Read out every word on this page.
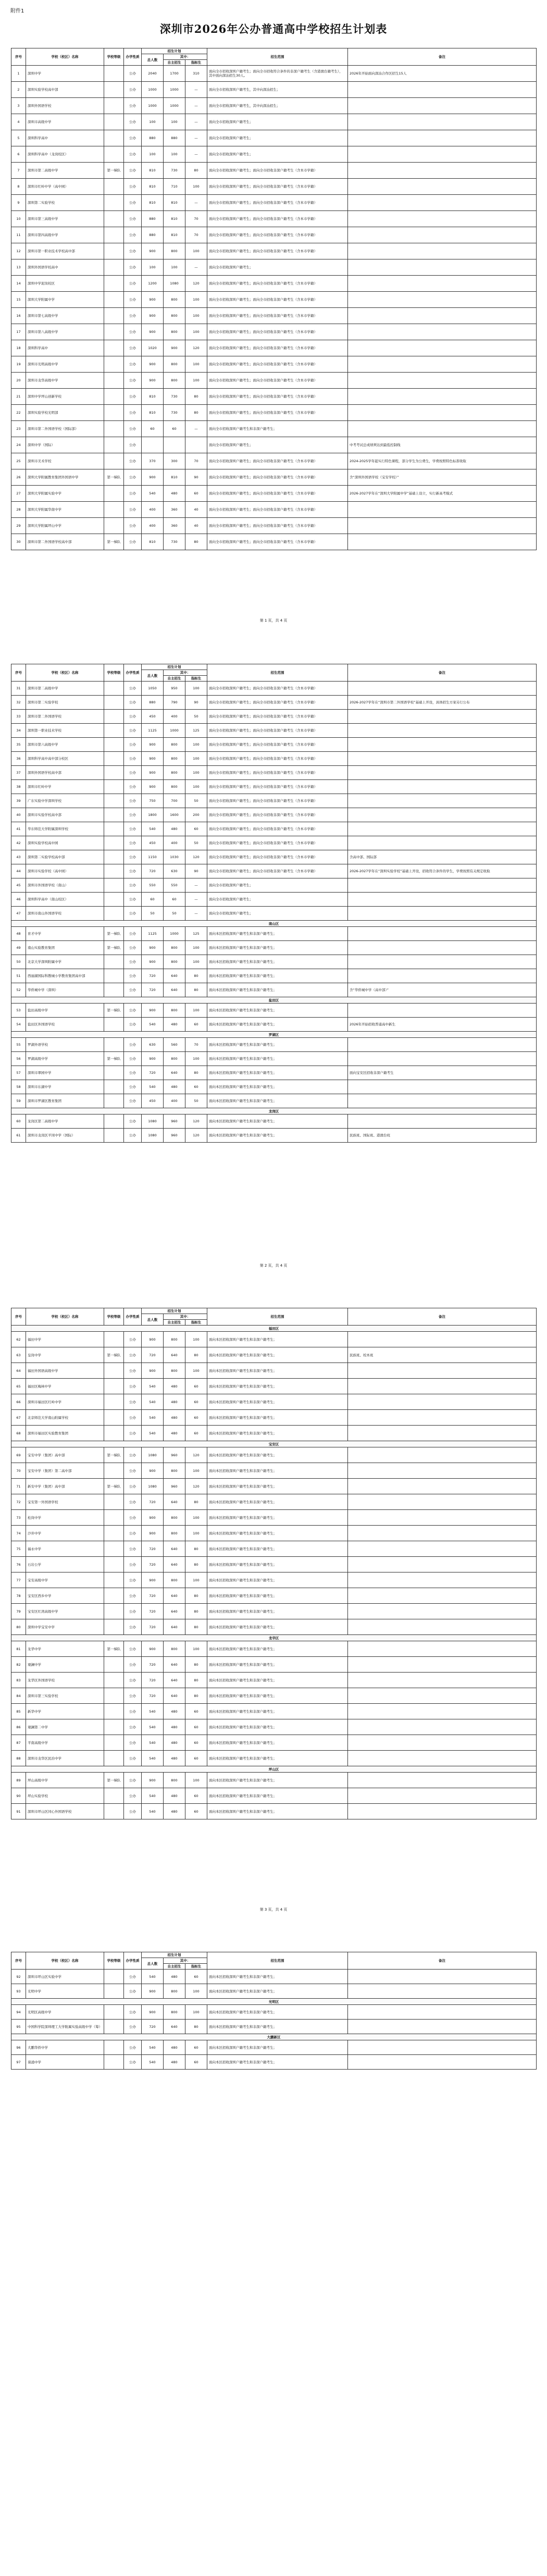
附件1
深圳市2026年公办普通高中学校招生计划表
序号	学校（校区）名称	学校等级	办学性质	招生计划			招生范围	备注
				总人数	其中：			
					自主招生	指标生		
1	深圳中学		公办	2040	1700	310	面向全市招收深圳户籍考生；面向全市招收符合条件的非深户籍考生（含港澳台籍考生），其中面向深汕招生30人。	2026年开始面向深汕合作区招生15人
2	深圳实验学校高中部		公办	1000	1000	—	面向全市招收深圳户籍考生，其中向深汕招生；	
3	深圳外国语学校		公办	1000	1000	—	面向全市招收深圳户籍考生，其中向深汕招生；	
4	深圳市高级中学		公办	100	100	—	面向全市招收深圳户籍考生；	
5	深圳科学高中		公办	880	880	—	面向全市招收深圳户籍考生；	
6	深圳科学高中（龙岗校区）		公办	100	100	—	面向全市招收深圳户籍考生；	
7	深圳市第二高级中学	第一梯队	公办	810	730	80	面向全市招收深圳户籍考生；面向全市招收非深户籍考生（含本市学籍）	
8	深圳市红岭中学（高中园）		公办	810	710	100	面向全市招收深圳户籍考生；面向全市招收非深户籍考生（含本市学籍）	
9	深圳第二实验学校		公办	810	810	—	面向全市招收深圳户籍考生；面向全市招收非深户籍考生（含本市学籍）	
10	深圳市第三高级中学		公办	880	810	70	面向全市招收深圳户籍考生；面向全市招收非深户籍考生（含本市学籍）	
11	深圳市第四高级中学		公办	880	810	70	面向全市招收深圳户籍考生；面向全市招收非深户籍考生（含本市学籍）	
12	深圳市第一职业技术学校高中部		公办	900	800	100	面向全市招收深圳户籍考生；面向全市招收非深户籍考生（含本市学籍）	
13	深圳外国语学校高中		公办	100	100	—	面向全市招收深圳户籍考生；	
14	深圳中学泥岗校区		公办	1200	1080	120	面向全市招收深圳户籍考生；面向全市招收非深户籍考生（含本市学籍）	
15	深圳大学附属中学		公办	900	800	100	面向全市招收深圳户籍考生；面向全市招收非深户籍考生（含本市学籍）	
16	深圳市第七高级中学		公办	900	800	100	面向全市招收深圳户籍考生；面向全市招收非深户籍考生（含本市学籍）	
17	深圳市第八高级中学		公办	900	800	100	面向全市招收深圳户籍考生；面向全市招收非深户籍考生（含本市学籍）	
18	深圳科学高中		公办	1020	900	120	面向全市招收深圳户籍考生；面向全市招收非深户籍考生（含本市学籍）	
19	深圳市光明高级中学		公办	900	800	100	面向全市招收深圳户籍考生；面向全市招收非深户籍考生（含本市学籍）	
20	深圳市龙华高级中学		公办	900	800	100	面向全市招收深圳户籍考生；面向全市招收非深户籍考生（含本市学籍）	
21	深圳中学坪山创新学校		公办	810	730	80	面向全市招收深圳户籍考生；面向全市招收非深户籍考生（含本市学籍）	
22	深圳实验学校光明部		公办	810	730	80	面向全市招收深圳户籍考生；面向全市招收非深户籍考生（含本市学籍）	
23	深圳市第二外国语学校（国际部）		公办	60	60	—	面向全市招收深圳户籍考生和非深户籍考生；	
24	深圳中学（国际）		公办				面向全市招收深圳户籍考生；	中考考试总成绩须达到最低控制线
25	深圳市美术学校		公办	370	300	70	面向全市招收深圳户籍考生；面向全市招收非深户籍考生（含本市学籍）	2024-2025学年起实行特色课程，部分学生为公费生，学费按照特色标准收取
26	深圳大学附属教育集团外国语中学	第一梯队	公办	900	810	90	面向全市招收深圳户籍考生；面向全市招收非深户籍考生（含本市学籍）	含“深圳外国语学校（宝安学校）”
27	深圳大学附属实验中学		公办	540	480	60	面向全市招收深圳户籍考生；面向全市招收非深户籍考生（含本市学籍）	2026-2027学年在“深圳大学附属中学”基础上设立，实行新高考模式
28	深圳大学附属华南中学		公办	400	360	40	面向全市招收深圳户籍考生；面向全市招收非深户籍考生（含本市学籍）	
29	深圳大学附属坪山中学		公办	400	360	40	面向全市招收深圳户籍考生；面向全市招收非深户籍考生（含本市学籍）	
30	深圳市第二外国语学校高中部	第一梯队	公办	810	730	80	面向全市招收深圳户籍考生；面向全市招收非深户籍考生（含本市学籍）	
第 1 页，共 4 页
序号	学校（校区）名称	学校等级	办学性质	招生计划			招生范围	备注
				总人数	其中：			
					自主招生	指标生		
31	深圳市第二高级中学		公办	1050	950	100	面向全市招收深圳户籍考生；面向全市招收非深户籍考生（含本市学籍）	
32	深圳市第二实验学校		公办	880	790	90	面向全市招收深圳户籍考生；面向全市招收非深户籍考生（含本市学籍）	2026-2027学年在“深圳市第二外国语学校”基础上开设，具体招生方案另行公布
33	深圳市第二外国语学校		公办	450	400	50	面向全市招收深圳户籍考生；面向全市招收非深户籍考生（含本市学籍）	
34	深圳第一职业技术学校		公办	1125	1000	125	面向全市招收深圳户籍考生；面向全市招收非深户籍考生（含本市学籍）	
35	深圳市第六高级中学		公办	900	800	100	面向全市招收深圳户籍考生；面向全市招收非深户籍考生（含本市学籍）	
36	深圳科学高中高中部分校区		公办	900	800	100	面向全市招收深圳户籍考生；面向全市招收非深户籍考生（含本市学籍）	
37	深圳外国语学校高中部		公办	900	800	100	面向全市招收深圳户籍考生；面向全市招收非深户籍考生（含本市学籍）	
38	深圳市红岭中学		公办	900	800	100	面向全市招收深圳户籍考生；面向全市招收非深户籍考生（含本市学籍）	
39	广东实验中学深圳学校		公办	750	700	50	面向全市招收深圳户籍考生；面向全市招收非深户籍考生（含本市学籍）	
40	深圳市实验学校高中部		公办	1800	1600	200	面向全市招收深圳户籍考生；面向全市招收非深户籍考生（含本市学籍）	
41	华东师范大学附属深圳学校		公办	540	480	60	面向全市招收深圳户籍考生；面向全市招收非深户籍考生（含本市学籍）	
42	深圳实验学校高中园		公办	450	400	50	面向全市招收深圳户籍考生；面向全市招收非深户籍考生（含本市学籍）	
43	深圳第二实验学校高中部		公办	1150	1030	120	面向全市招收深圳户籍考生；面向全市招收非深户籍考生（含本市学籍）	含高中部、国际部
44	深圳市实验学校（高中园）		公办	720	630	90	面向全市招收深圳户籍考生；面向全市招收非深户籍考生（含本市学籍）	2026-2027学年在“深圳实验学校”基础上开设，招收符合条件的学生，学费按照有关规定收取
45	深圳市外国语学校（南山）		公办	550	550	—	面向全市招收深圳户籍考生；	
46	深圳科学高中（南山校区）		公办	60	60	—	面向全市招收深圳户籍考生；	
47	深圳市南山外国语学校		公办	50	50	—	面向全市招收深圳户籍考生；	
南山区								
48	育才中学	第一梯队	公办	1125	1000	125	面向本区招收深圳户籍考生和非深户籍考生；	
49	南山实验教育集团	第一梯队	公办	900	800	100	面向本区招收深圳户籍考生和非深户籍考生；	
50	北京大学深圳附属中学		公办	900	800	100	面向本区招收深圳户籍考生和非深户籍考生；	
51	西丽湖国际科教城小学教育集团高中部		公办	720	640	80	面向本区招收深圳户籍考生和非深户籍考生；	
52	华侨城中学（深圳）		公办	720	640	80	面向本区招收深圳户籍考生和非深户籍考生；	含“华侨城中学（高中部）”
盐田区								
53	盐田高级中学	第一梯队	公办	900	800	100	面向本区招收深圳户籍考生和非深户籍考生；	
54	盐田区外国语学校		公办	540	480	60	面向本区招收深圳户籍考生和非深户籍考生；	2026年开始招收普通高中新生
罗湖区								
55	罗湖外语学校		公办	630	560	70	面向本区招收深圳户籍考生和非深户籍考生；	
56	罗湖高级中学	第一梯队	公办	900	800	100	面向本区招收深圳户籍考生和非深户籍考生；	
57	深圳市翠园中学		公办	720	640	80	面向本区招收深圳户籍考生和非深户籍考生；	面向宝安区招收非深户籍考生
58	深圳市东湖中学		公办	540	480	60	面向本区招收深圳户籍考生和非深户籍考生；	
59	深圳市罗湖区教育集团		公办	450	400	50	面向本区招收深圳户籍考生和非深户籍考生；	
龙岗区								
60	龙岗区第二高级中学		公办	1080	960	120	面向本区招收深圳户籍考生和非深户籍考生；	
61	深圳市龙岗区平冈中学（国际）		公办	1080	960	120	面向本区招收深圳户籍考生和非深户籍考生；	民族班、国际班、港澳台班
第 2 页，共 4 页
序号	学校（校区）名称	学校等级	办学性质	招生计划			招生范围	备注
				总人数	其中：			
					自主招生	指标生		
福田区								
62	福田中学		公办	900	800	100	面向本区招收深圳户籍考生和非深户籍考生；	
63	皇岗中学	第一梯队	公办	720	640	80	面向本区招收深圳户籍考生和非深户籍考生；	民族班、校本班
64	福田外国语高级中学		公办	900	800	100	面向本区招收深圳户籍考生和非深户籍考生；	
65	福田区梅林中学		公办	540	480	60	面向本区招收深圳户籍考生和非深户籍考生；	
66	深圳市福田区红岭中学		公办	540	480	60	面向本区招收深圳户籍考生和非深户籍考生；	
67	北京师范大学南山附属学校		公办	540	480	60	面向本区招收深圳户籍考生和非深户籍考生；	
68	深圳市福田区实验教育集团		公办	540	480	60	面向本区招收深圳户籍考生和非深户籍考生；	
宝安区								
69	宝安中学（集团）高中部	第一梯队	公办	1080	960	120	面向本区招收深圳户籍考生和非深户籍考生；	
70	宝安中学（集团）第二高中部		公办	900	800	100	面向本区招收深圳户籍考生和非深户籍考生；	
71	新安中学（集团）高中部	第一梯队	公办	1080	960	120	面向本区招收深圳户籍考生和非深户籍考生；	
72	宝安第一外国语学校		公办	720	640	80	面向本区招收深圳户籍考生和非深户籍考生；	
73	松岗中学		公办	900	800	100	面向本区招收深圳户籍考生和非深户籍考生；	
74	沙井中学		公办	900	800	100	面向本区招收深圳户籍考生和非深户籍考生；	
75	福永中学		公办	720	640	80	面向本区招收深圳户籍考生和非深户籍考生；	
76	石岩公学		公办	720	640	80	面向本区招收深圳户籍考生和非深户籍考生；	
77	宝安高级中学		公办	900	800	100	面向本区招收深圳户籍考生和非深户籍考生；	
78	宝安区西乡中学		公办	720	640	80	面向本区招收深圳户籍考生和非深户籍考生；	
79	宝安区红湾高级中学		公办	720	640	80	面向本区招收深圳户籍考生和非深户籍考生；	
80	深圳中学宝安中学		公办	720	640	80	面向本区招收深圳户籍考生和非深户籍考生；	
龙华区								
81	龙华中学	第一梯队	公办	900	800	100	面向本区招收深圳户籍考生和非深户籍考生；	
82	观澜中学		公办	720	640	80	面向本区招收深圳户籍考生和非深户籍考生；	
83	龙华区外国语学校		公办	720	640	80	面向本区招收深圳户籍考生和非深户籍考生；	
84	深圳市第三实验学校		公办	720	640	80	面向本区招收深圳户籍考生和非深户籍考生；	
85	新华中学		公办	540	480	60	面向本区招收深圳户籍考生和非深户籍考生；	
86	观澜第二中学		公办	540	480	60	面向本区招收深圳户籍考生和非深户籍考生；	
87	平南高级中学		公办	540	480	60	面向本区招收深圳户籍考生和非深户籍考生；	
88	深圳市龙华区民治中学		公办	540	480	60	面向本区招收深圳户籍考生和非深户籍考生；	
坪山区								
89	坪山高级中学	第一梯队	公办	900	800	100	面向本区招收深圳户籍考生和非深户籍考生；	
90	坪山实验学校		公办	540	480	60	面向本区招收深圳户籍考生和非深户籍考生；	
91	深圳市坪山区同心外国语学校		公办	540	480	60	面向本区招收深圳户籍考生和非深户籍考生；	
第 3 页，共 4 页
序号	学校（校区）名称	学校等级	办学性质	招生计划			招生范围	备注
				总人数	其中：			
					自主招生	指标生		
92	深圳市坪山区实验中学		公办	540	480	60	面向本区招收深圳户籍考生和非深户籍考生；	
93	光明中学		公办	900	800	100	面向本区招收深圳户籍考生和非深户籍考生；	
光明区								
94	光明区高级中学		公办	900	800	100	面向本区招收深圳户籍考生和非深户籍考生；	
95	中国科学院深圳理工大学附属实验高级中学（筹）		公办	720	640	80	面向本区招收深圳户籍考生和非深户籍考生；	
大鹏新区								
96	大鹏华侨中学		公办	540	480	60	面向本区招收深圳户籍考生和非深户籍考生；	
97	葵涌中学		公办	540	480	60	面向本区招收深圳户籍考生和非深户籍考生；	
